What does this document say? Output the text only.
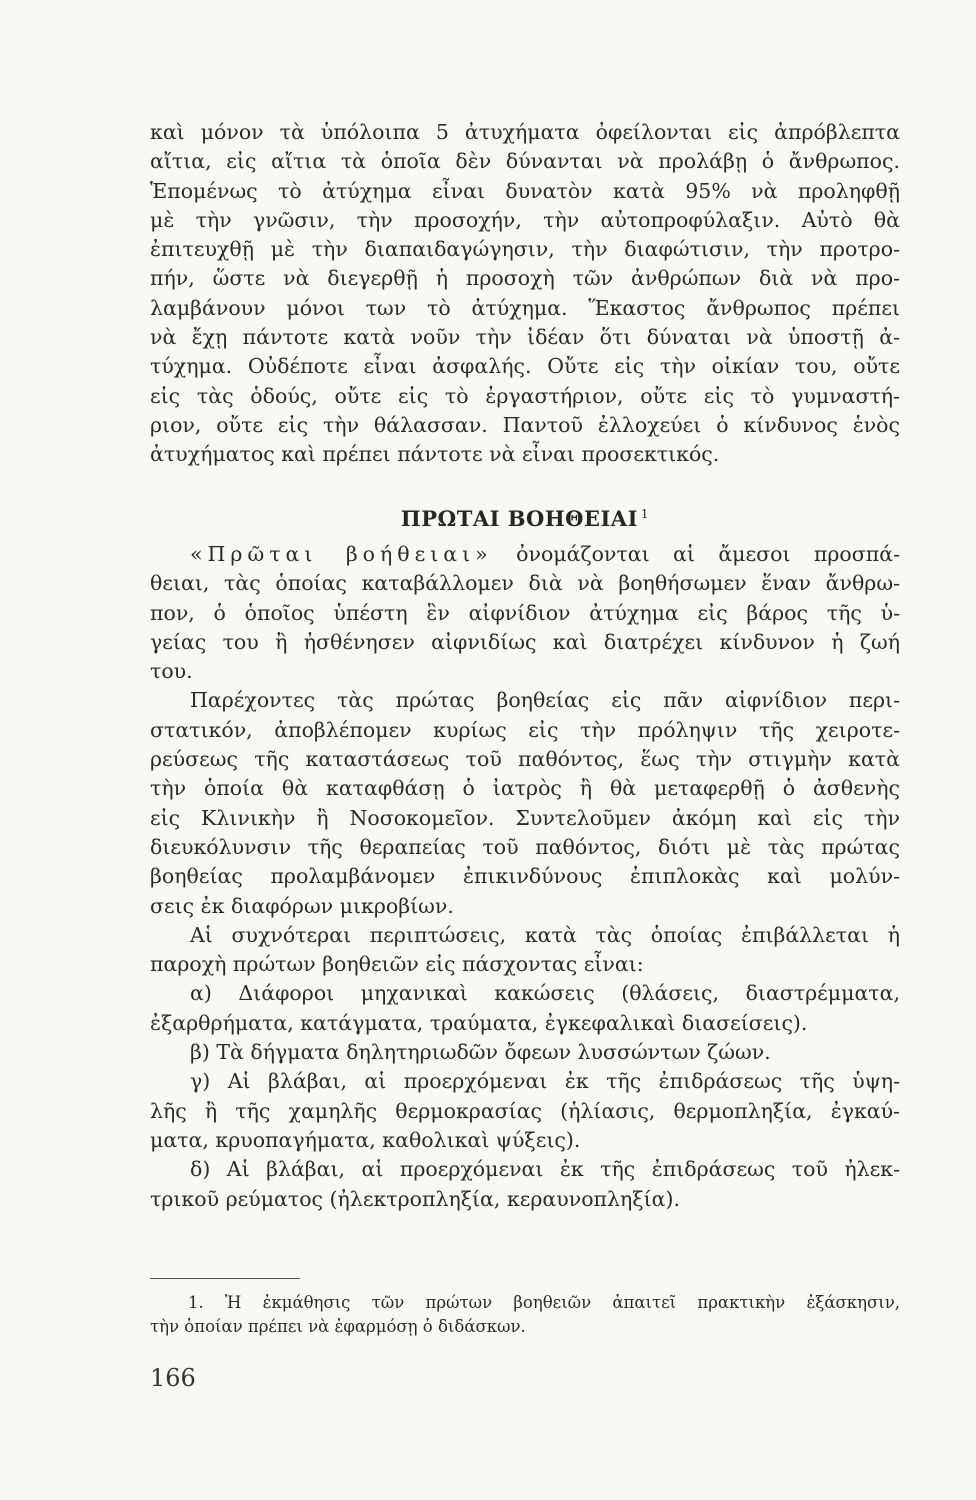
καὶ μόνον τὰ ὑπόλοιπα 5 ἀτυχήματα ὀφείλονται εἰς ἀπρόβλεπτα
αἴτια, εἰς αἴτια τὰ ὁποῖα δὲν δύνανται νὰ προλάβῃ ὁ ἄνθρωπος.
Ἑπομένως τὸ ἀτύχημα εἶναι δυνατὸν κατὰ 95% νὰ προληφθῇ
μὲ τὴν γνῶσιν, τὴν προσοχήν, τὴν αὐτοπροφύλαξιν. Αὐτὸ θὰ
ἐπιτευχθῇ μὲ τὴν διαπαιδαγώγησιν, τὴν διαφώτισιν, τὴν προτρο-
πήν, ὥστε νὰ διεγερθῇ ἡ προσοχὴ τῶν ἀνθρώπων διὰ νὰ προ-
λαμβάνουν μόνοι των τὸ ἀτύχημα. Ἕκαστος ἄνθρωπος πρέπει
νὰ ἔχῃ πάντοτε κατὰ νοῦν τὴν ἰδέαν ὅτι δύναται νὰ ὑποστῇ ἀ-
τύχημα. Οὐδέποτε εἶναι ἀσφαλής. Οὔτε εἰς τὴν οἰκίαν του, οὔτε
εἰς τὰς ὁδούς, οὔτε εἰς τὸ ἐργαστήριον, οὔτε εἰς τὸ γυμναστή-
ριον, οὔτε εἰς τὴν θάλασσαν. Παντοῦ ἐλλοχεύει ὁ κίνδυνος ἑνὸς
ἀτυχήματος καὶ πρέπει πάντοτε νὰ εἶναι προσεκτικός.
ΠΡΩΤΑΙ ΒΟΗΘΕΙΑΙ $^1$
«Πρῶται βοήθειαι» ὀνομάζονται αἱ ἄμεσοι προσπά-
θειαι, τὰς ὁποίας καταβάλλομεν διὰ νὰ βοηθήσωμεν ἕναν ἄνθρω-
πον, ὁ ὁποῖος ὑπέστη ἓν αἰφνίδιον ἀτύχημα εἰς βάρος τῆς ὑ-
γείας του ἢ ἠσθένησεν αἰφνιδίως καὶ διατρέχει κίνδυνον ἡ ζωή
του.
Παρέχοντες τὰς πρώτας βοηθείας εἰς πᾶν αἰφνίδιον περι-
στατικόν, ἀποβλέπομεν κυρίως εἰς τὴν πρόληψιν τῆς χειροτε-
ρεύσεως τῆς καταστάσεως τοῦ παθόντος, ἕως τὴν στιγμὴν κατὰ
τὴν ὁποία θὰ καταφθάσῃ ὁ ἰατρὸς ἢ θὰ μεταφερθῇ ὁ ἀσθενὴς
εἰς Κλινικὴν ἢ Νοσοκομεῖον. Συντελοῦμεν ἀκόμη καὶ εἰς τὴν
διευκόλυνσιν τῆς θεραπείας τοῦ παθόντος, διότι μὲ τὰς πρώτας
βοηθείας προλαμβάνομεν ἐπικινδύνους ἐπιπλοκὰς καὶ μολύν-
σεις ἐκ διαφόρων μικροβίων.
Αἱ συχνότεραι περιπτώσεις, κατὰ τὰς ὁποίας ἐπιβάλλεται ἡ
παροχὴ πρώτων βοηθειῶν εἰς πάσχοντας εἶναι:
α) Διάφοροι μηχανικαὶ κακώσεις (θλάσεις, διαστρέμματα,
ἐξαρθρήματα, κατάγματα, τραύματα, ἐγκεφαλικαὶ διασείσεις).
β) Τὰ δήγματα δηλητηριωδῶν ὄφεων λυσσώντων ζώων.
γ) Αἱ βλάβαι, αἱ προερχόμεναι ἐκ τῆς ἐπιδράσεως τῆς ὑψη-
λῆς ἢ τῆς χαμηλῆς θερμοκρασίας (ἡλίασις, θερμοπληξία, ἐγκαύ-
ματα, κρυοπαγήματα, καθολικαὶ ψύξεις).
δ) Αἱ βλάβαι, αἱ προερχόμεναι ἐκ τῆς ἐπιδράσεως τοῦ ἠλεκ-
τρικοῦ ρεύματος (ἠλεκτροπληξία, κεραυνοπληξία).
1. Ἡ ἐκμάθησις τῶν πρώτων βοηθειῶν ἀπαιτεῖ πρακτικὴν ἐξάσκησιν,
τὴν ὁποίαν πρέπει νὰ ἐφαρμόσῃ ὁ διδάσκων.
166
